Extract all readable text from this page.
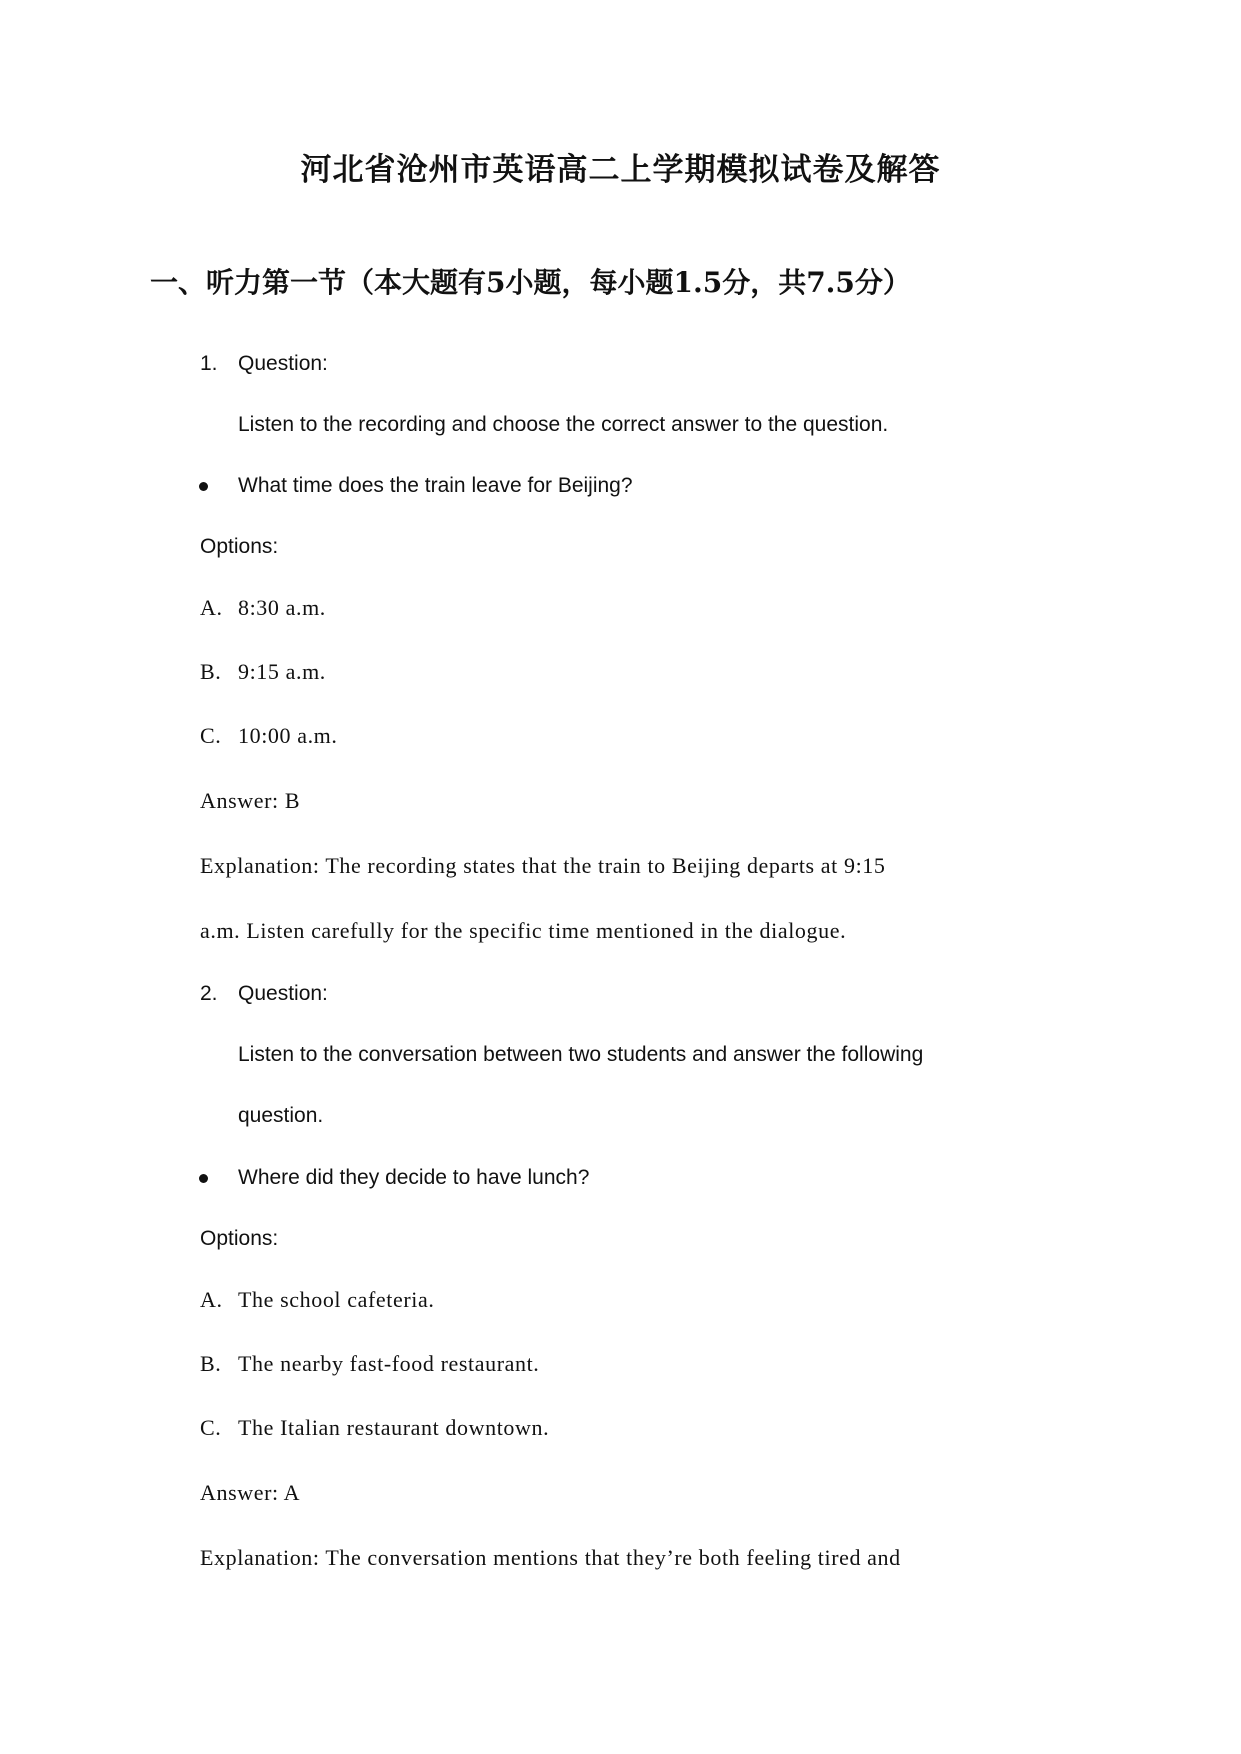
河北省沧州市英语高二上学期模拟试卷及解答
一、听力第一节（本大题有5小题，每小题1.5分，共7.5分）
1. Question:
Listen to the recording and choose the correct answer to the question.
What time does the train leave for Beijing?
Options:
A. 8:30 a.m.
B. 9:15 a.m.
C. 10:00 a.m.
Answer: B
Explanation: The recording states that the train to Beijing departs at 9:15
a.m. Listen carefully for the specific time mentioned in the dialogue.
2. Question:
Listen to the conversation between two students and answer the following
question.
Where did they decide to have lunch?
Options:
A. The school cafeteria.
B. The nearby fast-food restaurant.
C. The Italian restaurant downtown.
Answer: A
Explanation: The conversation mentions that they’re both feeling tired and
